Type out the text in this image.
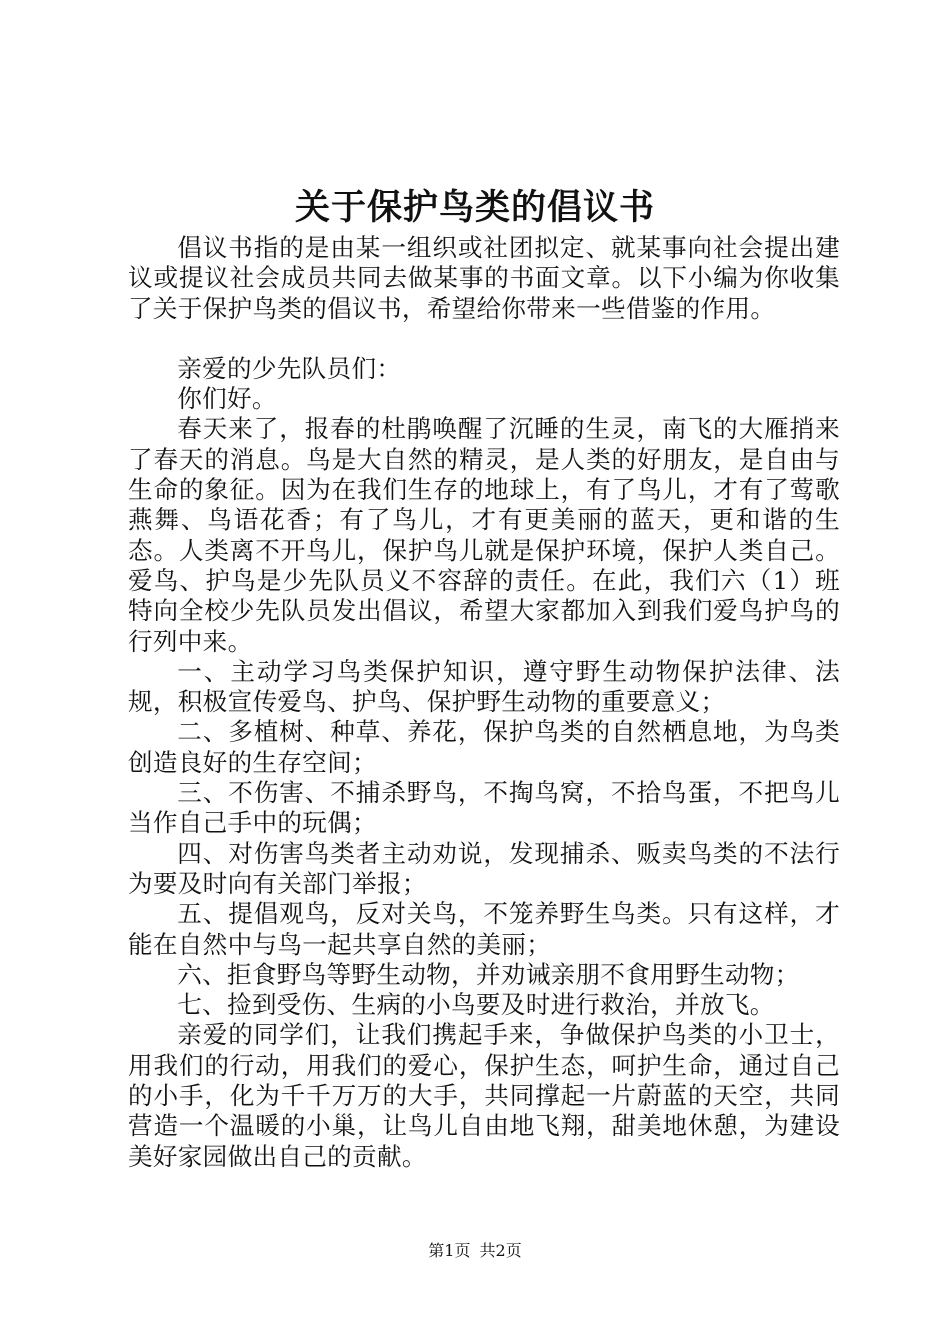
关于保护鸟类的倡议书

倡议书指的是由某一组织或社团拟定、就某事向社会提出建议或提议社会成员共同去做某事的书面文章。以下小编为你收集了关于保护鸟类的倡议书，希望给你带来一些借鉴的作用。

亲爱的少先队员们：

你们好。

春天来了，报春的杜鹃唤醒了沉睡的生灵，南飞的大雁捎来了春天的消息。鸟是大自然的精灵，是人类的好朋友，是自由与生命的象征。因为在我们生存的地球上，有了鸟儿，才有了莺歌燕舞、鸟语花香；有了鸟儿，才有更美丽的蓝天，更和谐的生态。人类离不开鸟儿，保护鸟儿就是保护环境，保护人类自己。爱鸟、护鸟是少先队员义不容辞的责任。在此，我们六（1）班特向全校少先队员发出倡议，希望大家都加入到我们爱鸟护鸟的行列中来。

一、主动学习鸟类保护知识，遵守野生动物保护法律、法规，积极宣传爱鸟、护鸟、保护野生动物的重要意义；

二、多植树、种草、养花，保护鸟类的自然栖息地，为鸟类创造良好的生存空间；

三、不伤害、不捕杀野鸟，不掏鸟窝，不拾鸟蛋，不把鸟儿当作自己手中的玩偶；

四、对伤害鸟类者主动劝说，发现捕杀、贩卖鸟类的不法行为要及时向有关部门举报；

五、提倡观鸟，反对关鸟，不笼养野生鸟类。只有这样，才能在自然中与鸟一起共享自然的美丽；

六、拒食野鸟等野生动物，并劝诫亲朋不食用野生动物；

七、捡到受伤、生病的小鸟要及时进行救治，并放飞。

亲爱的同学们，让我们携起手来，争做保护鸟类的小卫士，用我们的行动，用我们的爱心，保护生态，呵护生命，通过自己的小手，化为千千万万的大手，共同撑起一片蔚蓝的天空，共同营造一个温暖的小巢，让鸟儿自由地飞翔，甜美地休憩，为建设美好家园做出自己的贡献。

第1页 共2页
